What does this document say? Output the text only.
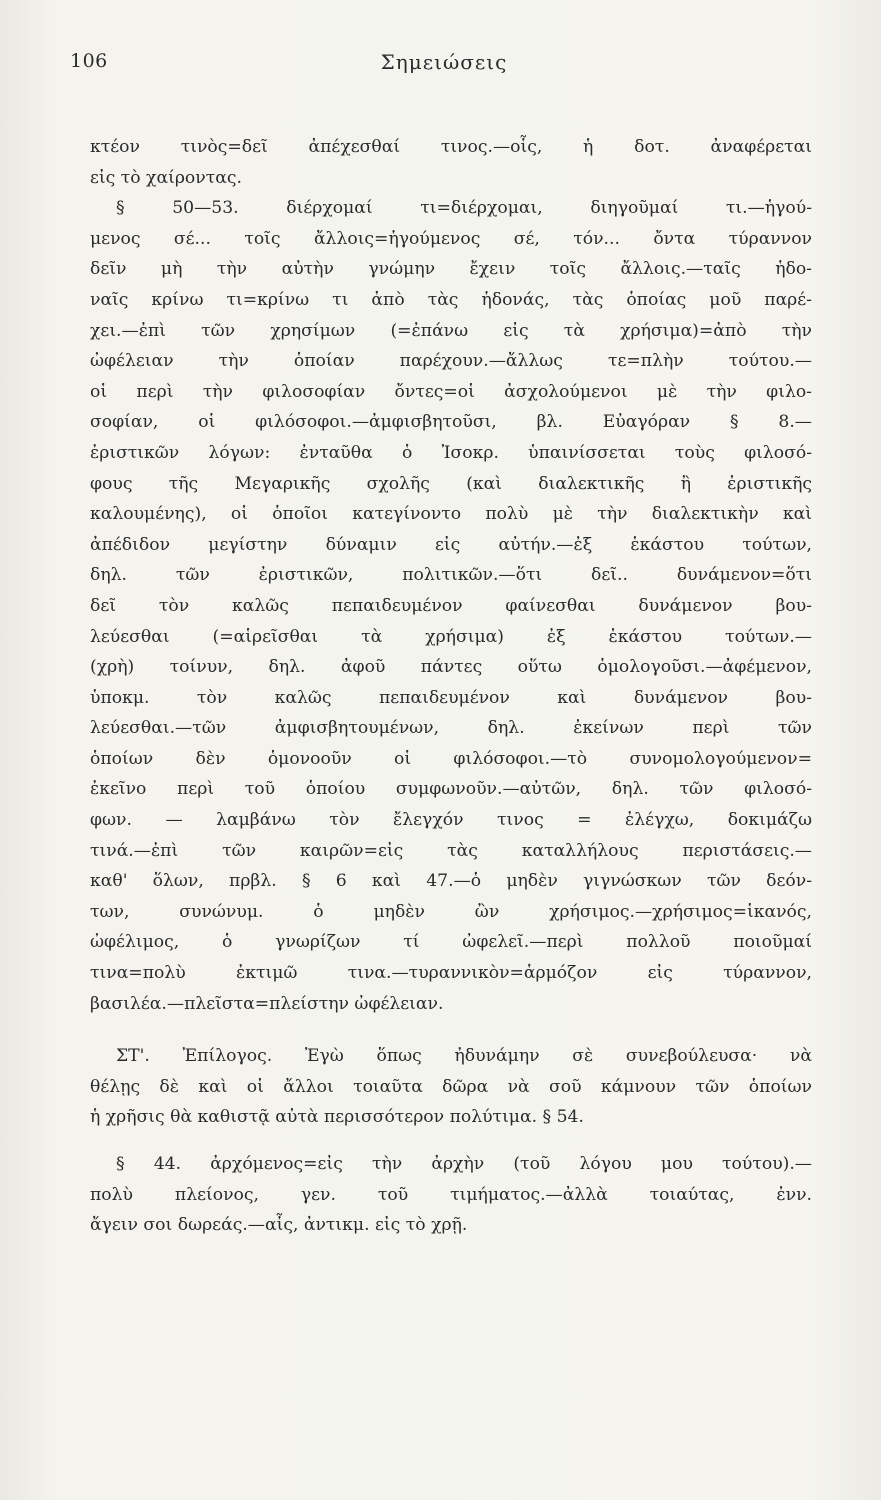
106	Σημειώσεις
κτέον τινὸς=δεῖ ἀπέχεσθαί τινος.—οἷς, ἡ δοτ. ἀναφέρεται
εἰς τὸ χαίροντας.
§ 50—53. διέρχομαί τι=διέρχομαι, διηγοῦμαί τι.—ἡγού-
μενος σέ... τοῖς ἄλλοις=ἡγούμενος σέ, τόν... ὄντα τύραννον
δεῖν μὴ τὴν αὐτὴν γνώμην ἔχειν τοῖς ἄλλοις.—ταῖς ἡδο-
ναῖς κρίνω τι=κρίνω τι ἀπὸ τὰς ἡδονάς, τὰς ὁποίας μοῦ παρέ-
χει.—ἐπὶ τῶν χρησίμων (=ἐπάνω εἰς τὰ χρήσιμα)=ἀπὸ τὴν
ὠφέλειαν τὴν ὁποίαν παρέχουν.—ἄλλως τε=πλὴν τούτου.—
οἱ περὶ τὴν φιλοσοφίαν ὄντες=οἱ ἀσχολούμενοι μὲ τὴν φιλο-
σοφίαν, οἱ φιλόσοφοι.—ἀμφισβητοῦσι, βλ. Εὐαγόραν § 8.—
ἐριστικῶν λόγων: ἐνταῦθα ὁ Ἰσοκρ. ὑπαινίσσεται τοὺς φιλοσό-
φους τῆς Μεγαρικῆς σχολῆς (καὶ διαλεκτικῆς ἢ ἐριστικῆς
καλουμένης), οἱ ὁποῖοι κατεγίνοντο πολὺ μὲ τὴν διαλεκτικὴν καὶ
ἀπέδιδον μεγίστην δύναμιν εἰς αὐτήν.—ἐξ ἑκάστου τούτων,
δηλ. τῶν ἐριστικῶν, πολιτικῶν.—ὅτι δεῖ.. δυνάμενον=ὅτι
δεῖ τὸν καλῶς πεπαιδευμένον φαίνεσθαι δυνάμενον βου-
λεύεσθαι (=αἱρεῖσθαι τὰ χρήσιμα) ἐξ ἑκάστου τούτων.—
(χρὴ) τοίνυν, δηλ. ἀφοῦ πάντες οὕτω ὁμολογοῦσι.—ἀφέμενον,
ὑποκμ. τὸν καλῶς πεπαιδευμένον καὶ δυνάμενον βου-
λεύεσθαι.—τῶν ἀμφισβητουμένων, δηλ. ἐκείνων περὶ τῶν
ὁποίων δὲν ὁμονοοῦν οἱ φιλόσοφοι.—τὸ συνομολογούμενον=
ἐκεῖνο περὶ τοῦ ὁποίου συμφωνοῦν.—αὐτῶν, δηλ. τῶν φιλοσό-
φων. — λαμβάνω τὸν ἔλεγχόν τινος = ἐλέγχω, δοκιμάζω
τινά.—ἐπὶ τῶν καιρῶν=εἰς τὰς καταλλήλους περιστάσεις.—
καθ' ὅλων, πρβλ. § 6 καὶ 47.—ὁ μηδὲν γιγνώσκων τῶν δεόν-
των, συνώνυμ. ὁ μηδὲν ὢν χρήσιμος.—χρήσιμος=ἱκανός,
ὠφέλιμος, ὁ γνωρίζων τί ὠφελεῖ.—περὶ πολλοῦ ποιοῦμαί
τινα=πολὺ ἐκτιμῶ τινα.—τυραννικὸν=ἁρμόζον εἰς τύραννον,
βασιλέα.—πλεῖστα=πλείστην ὠφέλειαν.
ΣΤ'. Ἐπίλογος. Ἐγὼ ὅπως ἠδυνάμην σὲ συνεβούλευσα· νὰ
θέλῃς δὲ καὶ οἱ ἄλλοι τοιαῦτα δῶρα νὰ σοῦ κάμνουν τῶν ὁποίων
ἡ χρῆσις θὰ καθιστᾷ αὐτὰ περισσότερον πολύτιμα. § 54.
§ 44. ἀρχόμενος=εἰς τὴν ἀρχὴν (τοῦ λόγου μου τούτου).—
πολὺ πλείονος, γεν. τοῦ τιμήματος.—ἀλλὰ τοιαύτας, ἐνν.
ἄγειν σοι δωρεάς.—αἷς, ἀντικμ. εἰς τὸ χρῇ.
